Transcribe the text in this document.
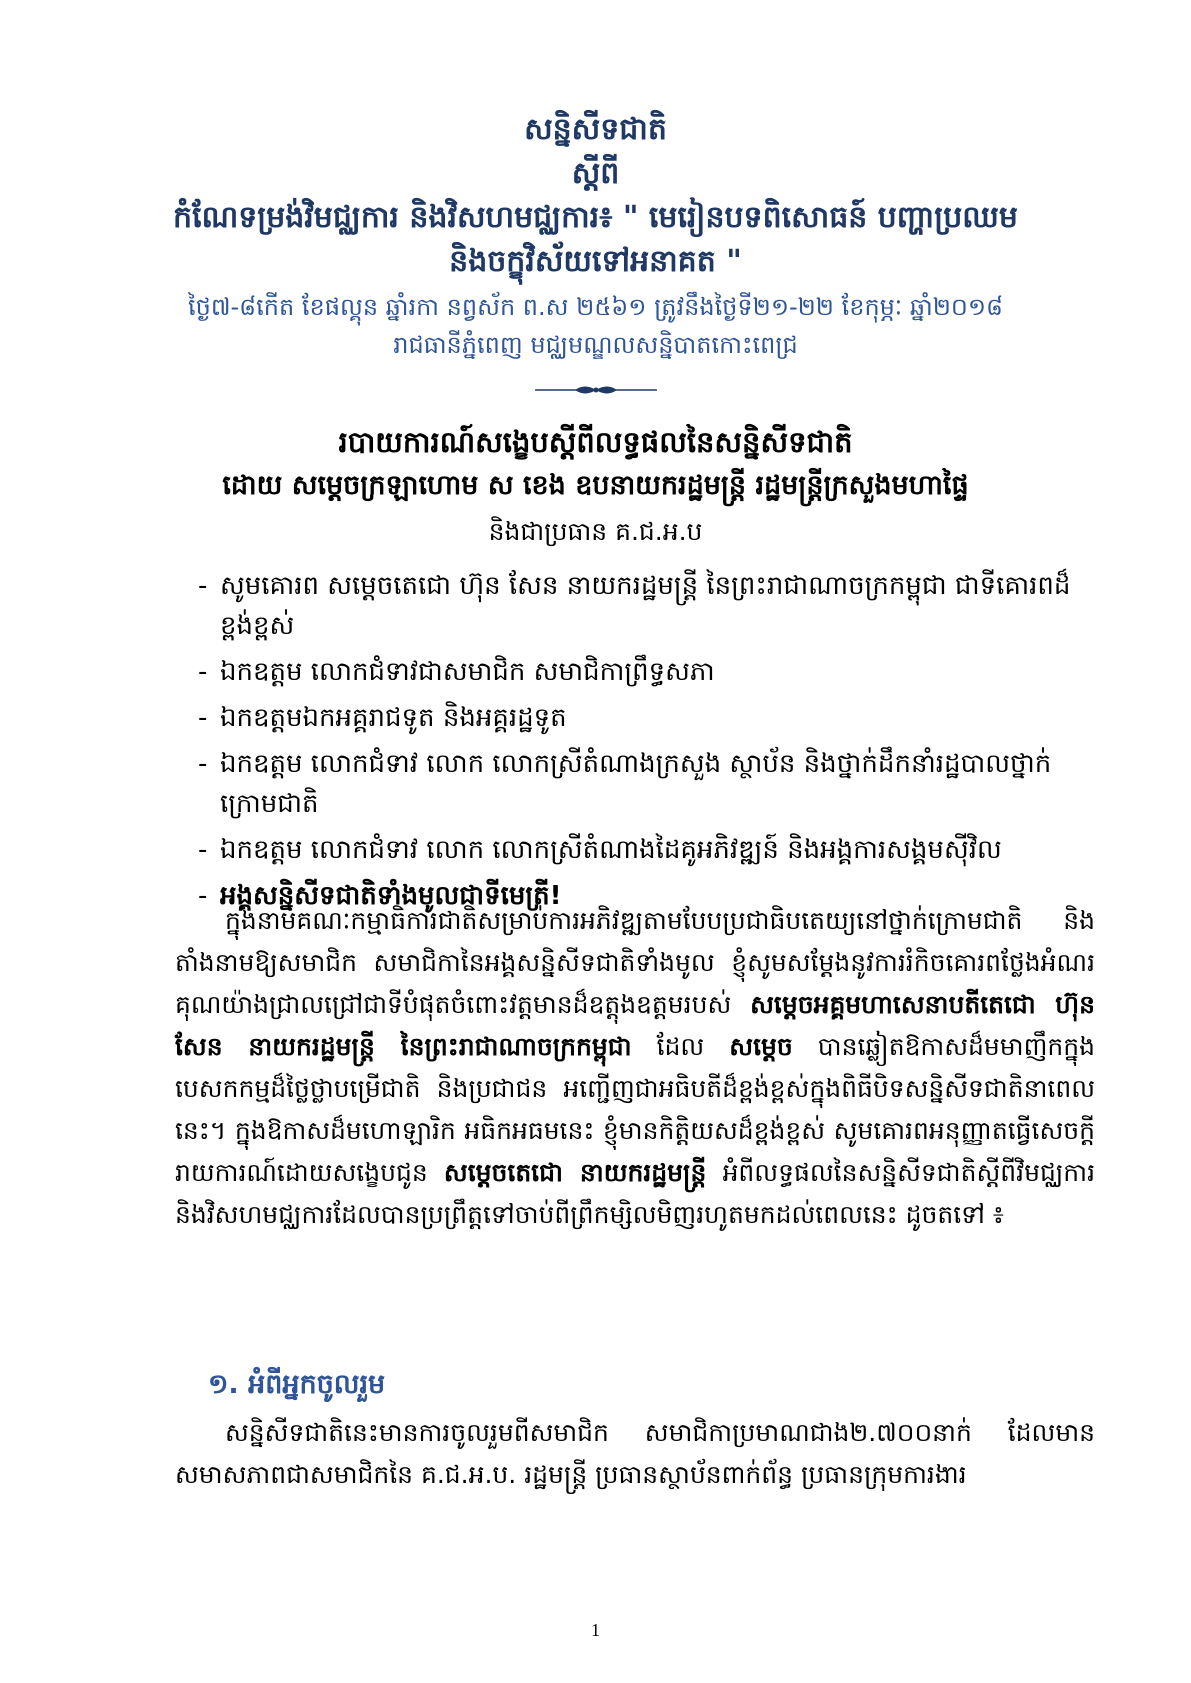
សន្និសីទជាតិ
ស្តីពី
កំណែទម្រង់វិមជ្ឈការ និងវិសហមជ្ឈការ៖ " មេរៀនបទពិសោធន៍ បញ្ហាប្រឈម និងចក្ខុវិស័យទៅអនាគត "
ថ្ងៃ៧-៨កើត ខែផល្គុន ឆ្នាំរកា នព្វស័ក ព.ស ២៥៦១ ត្រូវនឹងថ្ងៃទី២១-២២ ខែកុម្ភៈ ឆ្នាំ២០១៨
រាជធានីភ្នំពេញ មជ្ឈមណ្ឌលសន្និបាតកោះពេជ្រ
របាយការណ៍សង្ខេបស្តីពីលទ្ធផលនៃសន្និសីទជាតិ
ដោយ សម្តេចក្រឡាហោម ស ខេង ឧបនាយករដ្ឋមន្ត្រី រដ្ឋមន្ត្រីក្រសួងមហាផ្ទៃ
និងជាប្រធាន គ.ជ.អ.ប
- សូមគោរព សម្តេចតេជោ ហ៊ុន សែន នាយករដ្ឋមន្ត្រី នៃព្រះរាជាណាចក្រកម្ពុជា ជាទីគោរពដ៏ខ្ពង់ខ្ពស់
- ឯកឧត្តម លោកជំទាវជាសមាជិក សមាជិកាព្រឹទ្ធសភា
- ឯកឧត្តមឯកអគ្គរាជទូត និងអគ្គរដ្ឋទូត
- ឯកឧត្តម លោកជំទាវ លោក លោកស្រីតំណាងក្រសួង ស្ថាប័ន និងថ្នាក់ដឹកនាំរដ្ឋបាលថ្នាក់ក្រោមជាតិ
- ឯកឧត្តម លោកជំទាវ លោក លោកស្រីតំណាងដៃគូអភិវឌ្ឍន៍ និងអង្គការសង្គមស៊ីវិល
- អង្គសន្និសីទជាតិទាំងមូលជាទីមេត្រី!
ក្នុងនាមគណៈកម្មាធិការជាតិសម្រាប់ការអភិវឌ្ឍតាមបែបប្រជាធិបតេយ្យនៅថ្នាក់ក្រោមជាតិ និងតាំងនាមឱ្យសមាជិក សមាជិកានៃអង្គសន្និសីទជាតិទាំងមូល ខ្ញុំសូមសម្តែងនូវការរំកិចគោរពថ្លែងអំណរគុណយ៉ាងជ្រាលជ្រៅជាទីបំផុតចំពោះវត្តមានដ៏ឧត្តុងឧត្តមរបស់ សម្តេចអគ្គមហាសេនាបតីតេជោ ហ៊ុន សែន នាយករដ្ឋមន្ត្រី នៃព្រះរាជាណាចក្រកម្ពុជា ដែល សម្តេច បានឆ្លៀតឱកាសដ៏មមាញឹកក្នុងបេសកកម្មដ៏ថ្លៃថ្លាបម្រើជាតិ និងប្រជាជន អញ្ជើញជាអធិបតីដ៏ខ្ពង់ខ្ពស់ក្នុងពិធីបិទសន្និសីទជាតិនាពេលនេះ។ ក្នុងឱកាសដ៏មហោឡារិក អធិកអធមនេះ ខ្ញុំមានកិត្តិយសដ៏ខ្ពង់ខ្ពស់ សូមគោរពអនុញ្ញាតធ្វើសេចក្តីរាយការណ៍ដោយសង្ខេបជូន សម្តេចតេជោ នាយករដ្ឋមន្ត្រី អំពីលទ្ធផលនៃសន្និសីទជាតិស្តីពីវិមជ្ឈការ និងវិសហមជ្ឈការដែលបានប្រព្រឹត្តទៅចាប់ពីព្រឹកម្សិលមិញរហូតមកដល់ពេលនេះ ដូចតទៅ ៖
១. អំពីអ្នកចូលរួម
សន្និសីទជាតិនេះមានការចូលរួមពីសមាជិក សមាជិកាប្រមាណជាង២.៧០០នាក់ ដែលមានសមាសភាពជាសមាជិកនៃ គ.ជ.អ.ប. រដ្ឋមន្ត្រី ប្រធានស្ថាប័នពាក់ព័ន្ធ ប្រធានក្រុមការងារ
1
